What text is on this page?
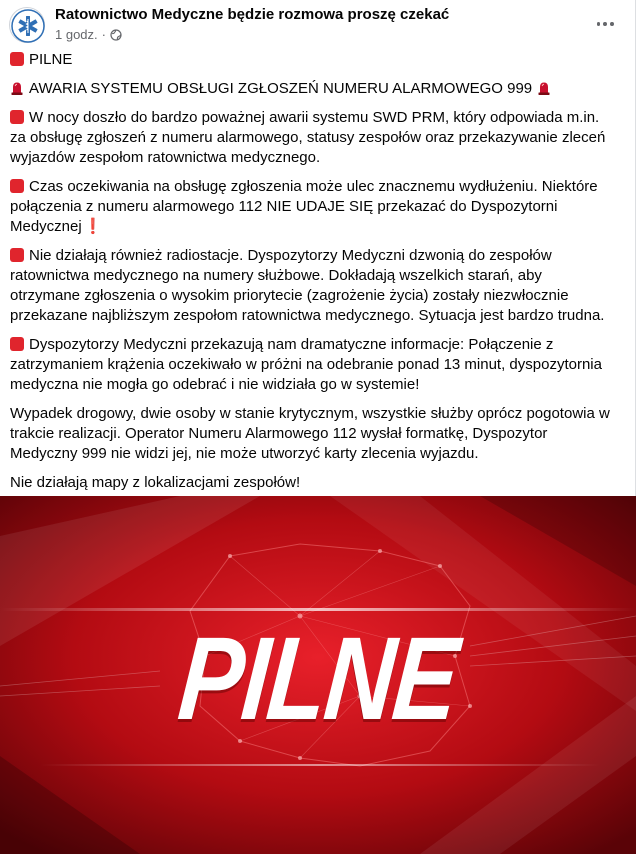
Ratownictwo Medyczne będzie rozmowa proszę czekać
1 godz. ·

PILNE

AWARIA SYSTEMU OBSŁUGI ZGŁOSZEŃ NUMERU ALARMOWEGO 999

W nocy doszło do bardzo poważnej awarii systemu SWD PRM, który odpowiada m.in. za obsługę zgłoszeń z numeru alarmowego, statusy zespołów oraz przekazywanie zleceń wyjazdów zespołom ratownictwa medycznego.

Czas oczekiwania na obsługę zgłoszenia może ulec znacznemu wydłużeniu. Niektóre połączenia z numeru alarmowego 112 NIE UDAJE SIĘ przekazać do Dyspozytorni Medycznej ❗

Nie działają również radiostacje. Dyspozytorzy Medyczni dzwonią do zespołów ratownictwa medycznego na numery służbowe. Dokładają wszelkich starań, aby otrzymane zgłoszenia o wysokim priorytecie (zagrożenie życia) zostały niezwłocznie przekazane najbliższym zespołom ratownictwa medycznego. Sytuacja jest bardzo trudna.

Dyspozytorzy Medyczni przekazują nam dramatyczne informacje: Połączenie z zatrzymaniem krążenia oczekiwało w próżni na odebranie ponad 13 minut, dyspozytornia medyczna nie mogła go odebrać i nie widziała go w systemie!

Wypadek drogowy, dwie osoby w stanie krytycznym, wszystkie służby oprócz pogotowia w trakcie realizacji. Operator Numeru Alarmowego 112 wysłał formatkę, Dyspozytor Medyczny 999 nie widzi jej, nie może utworzyć karty zlecenia wyjazdu.

Nie działają mapy z lokalizacjami zespołów!

PILNE
